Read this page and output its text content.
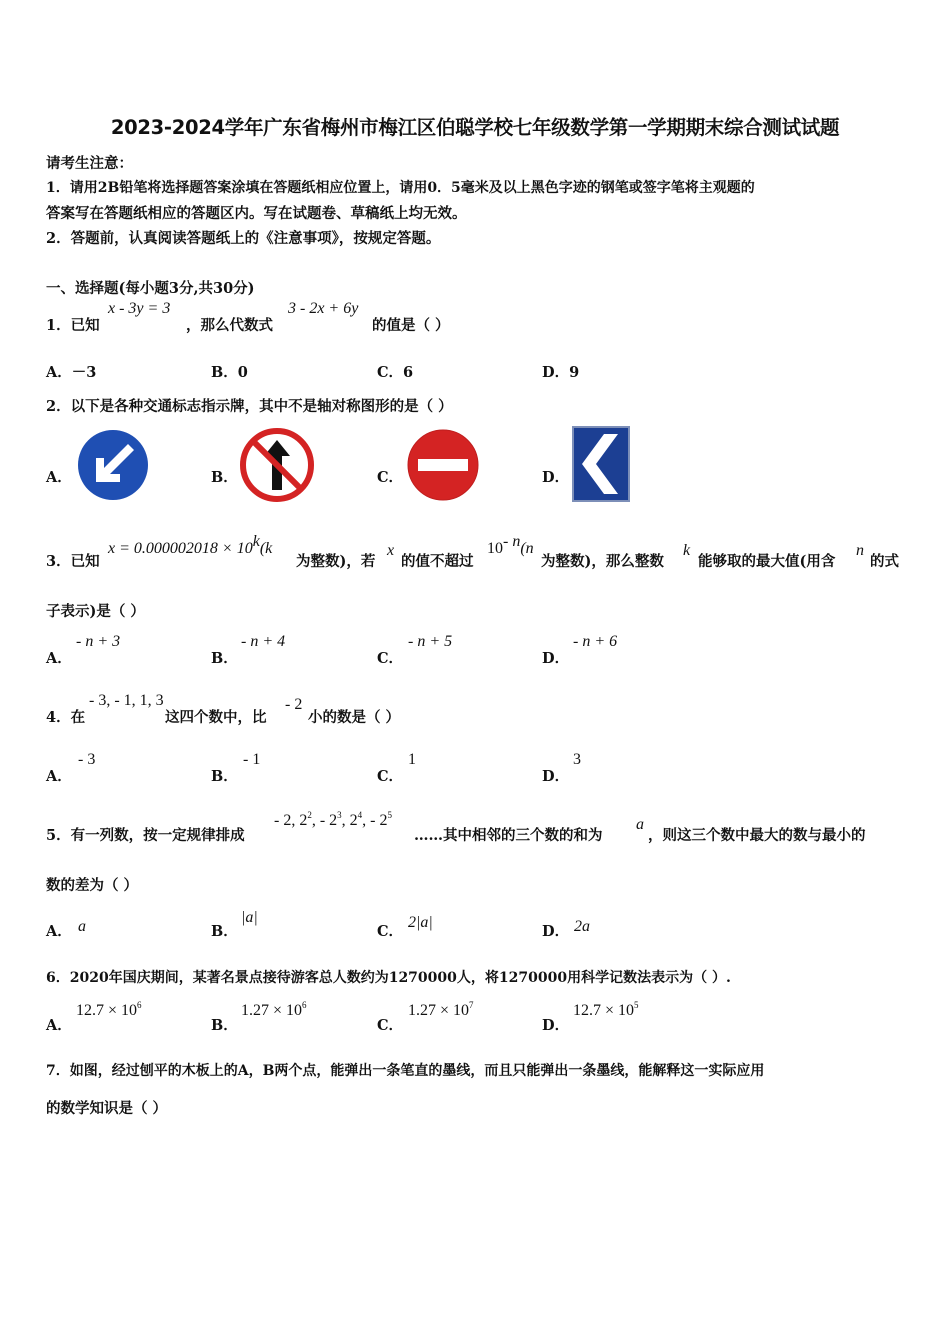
2023-2024学年广东省梅州市梅江区伯聪学校七年级数学第一学期期末综合测试试题
请考生注意：
1．请用2B铅笔将选择题答案涂填在答题纸相应位置上，请用0．5毫米及以上黑色字迹的钢笔或签字笔将主观题的
答案写在答题纸相应的答题区内。写在试题卷、草稿纸上均无效。
2．答题前，认真阅读答题纸上的《注意事项》，按规定答题。
一、选择题(每小题3分,共30分)
1．已知
x - 3y = 3
，那么代数式
3 - 2x + 6y
的值是（ ）
A．－3	B．0	C．6	D．9
2．以下是各种交通标志指示牌，其中不是轴对称图形的是（ ）
A．	B．	C．	D．
3．已知
$x = 0.000002018 \times 10^k(k$
为整数)，若
x
的值不超过
$10^{- n}(n$
为整数)，那么整数
k
能够取的最大值(用含
n
的式
子表示)是（ ）
A．
- n + 3
B．
- n + 4
C．
- n + 5
D．
- n + 6
4．在
- 3, - 1, 1, 3
这四个数中，比
- 2
小的数是（ ）
A．
- 3
B．
- 1
C．
1
D．
3
5．有一列数，按一定规律排成
- 2, $2^2$, - $2^3$, $2^4$, - $2^5$
……其中相邻的三个数的和为
a
，则这三个数中最大的数与最小的
数的差为（ ）
A． a	B．
|a|
C．
2|a|
D． 2a
6．2020年国庆期间，某著名景点接待游客总人数约为1270000人，将1270000用科学记数法表示为（ ）.
A．
$12.7 \times 10^6$
B．
$1.27 \times 10^6$
C．
$1.27 \times 10^7$
D．
$12.7 \times 10^5$
7．如图，经过刨平的木板上的A，B两个点，能弹出一条笔直的墨线，而且只能弹出一条墨线，能解释这一实际应用
的数学知识是（ ）
